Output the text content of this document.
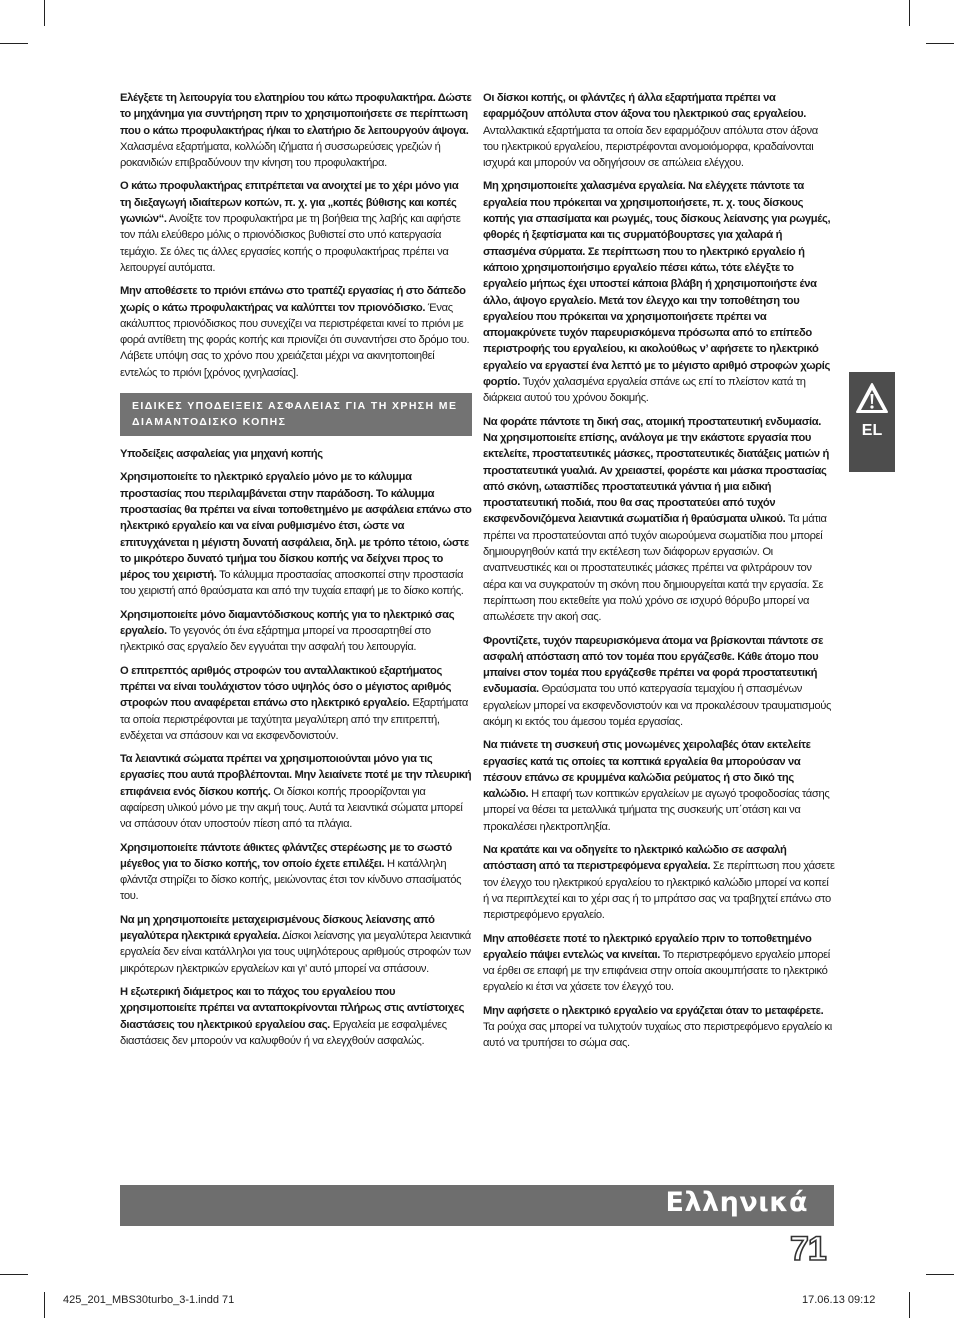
Ελέγξετε τη λειτουργία του ελατηρίου του κάτω προφυλακτήρα. Δώστε το μηχάνημα για συντήρηση πριν το χρησιμοποιήσετε σε περίπτωση που ο κάτω προφυλακτήρας ή/και το ελατήριο δε λειτουργούν άψογα. Χαλασμένα εξαρτήματα, κολλώδη ιζήματα ή συσσωρεύσεις γρεζιών ή ροκανιδιών επιβραδύνουν την κίνηση του προφυλακτήρα.

Ο κάτω προφυλακτήρας επιτρέπεται να ανοιχτεί με το χέρι μόνο για τη διεξαγωγή ιδιαίτερων κοπών, π. χ. για „κοπές βύθισης και κοπές γωνιών“. Ανοίξτε τον προφυλακτήρα με τη βοήθεια της λαβής και αφήστε τον πάλι ελεύθερο μόλις ο πριονόδισκος βυθιστεί στο υπό κατεργασία τεμάχιο. Σε όλες τις άλλες εργασίες κοπής ο προφυλακτήρας πρέπει να λειτουργεί αυτόματα.

Μην αποθέσετε το πριόνι επάνω στο τραπέζι εργασίας ή στο δάπεδο χωρίς ο κάτω προφυλακτήρας να καλύπτει τον πριονόδισκο. Ένας ακάλυπτος πριονόδισκος που συνεχίζει να περιστρέφεται κινεί το πριόνι με φορά αντίθετη της φοράς κοπής και πριονίζει ότι συναντήσει στο δρόμο του. Λάβετε υπόψη σας το χρόνο που χρειάζεται μέχρι να ακινητοποιηθεί εντελώς το πριόνι [χρόνος ιχνηλασίας].

ΕΙΔΙΚΕΣ ΥΠΟΔΕΙΞΕΙΣ ΑΣΦΑΛΕΙΑΣ ΓΙΑ ΤΗ ΧΡΗΣΗ ΜΕ ΔΙΑΜΑΝΤΟΔΙΣΚΟ ΚΟΠΗΣ

Υποδείξεις ασφαλείας για μηχανή κοπής

Χρησιμοποιείτε το ηλεκτρικό εργαλείο μόνο με το κάλυμμα προστασίας που περιλαμβάνεται στην παράδοση. Το κάλυμμα προστασίας θα πρέπει να είναι τοποθετημένο με ασφάλεια επάνω στο ηλεκτρικό εργαλείο και να είναι ρυθμισμένο έτσι, ώστε να επιτυγχάνεται η μέγιστη δυνατή ασφάλεια, δηλ. με τρόπο τέτοιο, ώστε το μικρότερο δυνατό τμήμα του δίσκου κοπής να δείχνει προς το μέρος του χειριστή. Το κάλυμμα προστασίας αποσκοπεί στην προστασία του χειριστή από θραύσματα και από την τυχαία επαφή με το δίσκο κοπής.

Χρησιμοποιείτε μόνο διαμαντόδισκους κοπής για το ηλεκτρικό σας εργαλείο. Το γεγονός ότι ένα εξάρτημα μπορεί να προσαρτηθεί στο ηλεκτρικό σας εργαλείο δεν εγγυάται την ασφαλή του λειτουργία.

Ο επιτρεπτός αριθμός στροφών του ανταλλακτικού εξαρτήματος πρέπει να είναι τουλάχιστον τόσο υψηλός όσο ο μέγιστος αριθμός στροφών που αναφέρεται επάνω στο ηλεκτρικό εργαλείο. Εξαρτήματα τα οποία περιστρέφονται με ταχύτητα μεγαλύτερη από την επιτρεπτή, ενδέχεται να σπάσουν και να εκσφενδονιστούν.

Τα λειαντικά σώματα πρέπει να χρησιμοποιούνται μόνο για τις εργασίες που αυτά προβλέπονται. Μην λειαίνετε ποτέ με την πλευρική επιφάνεια ενός δίσκου κοπής. Οι δίσκοι κοπής προορίζονται για αφαίρεση υλικού μόνο με την ακμή τους. Αυτά τα λειαντικά σώματα μπορεί να σπάσουν όταν υποστούν πίεση από τα πλάγια.

Χρησιμοποιείτε πάντοτε άθικτες φλάντζες στερέωσης με το σωστό μέγεθος για το δίσκο κοπής, τον οποίο έχετε επιλέξει. Η κατάλληλη φλάντζα στηρίζει το δίσκο κοπής, μειώνοντας έτσι τον κίνδυνο σπασίματός του.

Να μη χρησιμοποιείτε μεταχειρισμένους δίσκους λείανσης από μεγαλύτερα ηλεκτρικά εργαλεία. Δίσκοι λείανσης για μεγαλύτερα λειαντικά εργαλεία δεν είναι κατάλληλοι για τους υψηλότερους αριθμούς στροφών των μικρότερων ηλεκτρικών εργαλείων και γι’ αυτό μπορεί να σπάσουν.

Η εξωτερική διάμετρος και το πάχος του εργαλείου που χρησιμοποιείτε πρέπει να ανταποκρίνονται πλήρως στις αντίστοιχες διαστάσεις του ηλεκτρικού εργαλείου σας. Εργαλεία με εσφαλμένες διαστάσεις δεν μπορούν να καλυφθούν ή να ελεγχθούν ασφαλώς.

Οι δίσκοι κοπής, οι φλάντζες ή άλλα εξαρτήματα πρέπει να εφαρμόζουν απόλυτα στον άξονα του ηλεκτρικού σας εργαλείου. Ανταλλακτικά εξαρτήματα τα οποία δεν εφαρμόζουν απόλυτα στον άξονα του ηλεκτρικού εργαλείου, περιστρέφονται ανομοιόμορφα, κραδαίνονται ισχυρά και μπορούν να οδηγήσουν σε απώλεια ελέγχου.

Μη χρησιμοποιείτε χαλασμένα εργαλεία. Να ελέγχετε πάντοτε τα εργαλεία που πρόκειται να χρησιμοποιήσετε, π. χ. τους δίσκους κοπής για σπασίματα και ρωγμές, τους δίσκους λείανσης για ρωγμές, φθορές ή ξεφτίσματα και τις συρματόβουρτσες για χαλαρά ή σπασμένα σύρματα. Σε περίπτωση που το ηλεκτρικό εργαλείο ή κάποιο χρησιμοποιήσιμο εργαλείο πέσει κάτω, τότε ελέγξτε το εργαλείο μήπως έχει υποστεί κάποια βλάβη ή χρησιμοποιήστε ένα άλλο, άψογο εργαλείο. Μετά τον έλεγχο και την τοποθέτηση του εργαλείου που πρόκειται να χρησιμοποιήσετε πρέπει να απομακρύνετε τυχόν παρευρισκόμενα πρόσωπα από το επίπεδο περιστροφής του εργαλείου, κι ακολούθως ν’ αφήσετε το ηλεκτρικό εργαλείο να εργαστεί ένα λεπτό με το μέγιστο αριθμό στροφών χωρίς φορτίο. Τυχόν χαλασμένα εργαλεία σπάνε ως επί το πλείστον κατά τη διάρκεια αυτού του χρόνου δοκιμής.

Να φοράτε πάντοτε τη δική σας, ατομική προστατευτική ενδυμασία. Να χρησιμοποιείτε επίσης, ανάλογα με την εκάστοτε εργασία που εκτελείτε, προστατευτικές μάσκες, προστατευτικές διατάξεις ματιών ή προστατευτικά γυαλιά. Αν χρειαστεί, φορέστε και μάσκα προστασίας από σκόνη, ωτασπίδες προστατευτικά γάντια ή μια ειδική προστατευτική ποδιά, που θα σας προστατεύει από τυχόν εκσφενδονιζόμενα λειαντικά σωματίδια ή θραύσματα υλικού. Τα μάτια πρέπει να προστατεύονται από τυχόν αιωρούμενα σωματίδια που μπορεί δημιουργηθούν κατά την εκτέλεση των διάφορων εργασιών. Οι αναπνευστικές και οι προστατευτικές μάσκες πρέπει να φιλτράρουν τον αέρα και να συγκρατούν τη σκόνη που δημιουργείται κατά την εργασία. Σε περίπτωση που εκτεθείτε για πολύ χρόνο σε ισχυρό θόρυβο μπορεί να απωλέσετε την ακοή σας.

Φροντίζετε, τυχόν παρευρισκόμενα άτομα να βρίσκονται πάντοτε σε ασφαλή απόσταση από τον τομέα που εργάζεσθε. Κάθε άτομο που μπαίνει στον τομέα που εργάζεσθε πρέπει να φορά προστατευτική ενδυμασία. Θραύσματα του υπό κατεργασία τεμαχίου ή σπασμένων εργαλείων μπορεί να εκσφενδονιστούν και να προκαλέσουν τραυματισμούς ακόμη κι εκτός του άμεσου τομέα εργασίας.

Να πιάνετε τη συσκευή στις μονωμένες χειρολαβές όταν εκτελείτε εργασίες κατά τις οποίες τα κοπτικά εργαλεία θα μπορούσαν να πέσουν επάνω σε κρυμμένα καλώδια ρεύματος ή στο δικό της καλώδιο. Η επαφή των κοπτικών εργαλείων με αγωγό τροφοδοσίας τάσης μπορεί να θέσει τα μεταλλικά τμήματα της συσκευής υπ΄οτάση και να προκαλέσει ηλεκτροπληξία.

Να κρατάτε και να οδηγείτε το ηλεκτρικό καλώδιο σε ασφαλή απόσταση από τα περιστρεφόμενα εργαλεία. Σε περίπτωση που χάσετε τον έλεγχο του ηλεκτρικού εργαλείου το ηλεκτρικό καλώδιο μπορεί να κοπεί ή να περιπλεχτεί και το χέρι σας ή το μπράτσο σας να τραβηχτεί επάνω στο περιστρεφόμενο εργαλείο.

Μην αποθέσετε ποτέ το ηλεκτρικό εργαλείο πριν το τοποθετημένο εργαλείο πάψει εντελώς να κινείται. Το περιστρεφόμενο εργαλείο μπορεί να έρθει σε επαφή με την επιφάνεια στην οποία ακουμπήσατε το ηλεκτρικό εργαλείο κι έτσι να χάσετε τον έλεγχό του.

Μην αφήσετε ο ηλεκτρικό εργαλείο να εργάζεται όταν το μεταφέρετε. Τα ρούχα σας μπορεί να τυλιχτούν τυχαίως στο περιστρεφόμενο εργαλείο κι αυτό να τρυπήσει το σώμα σας.

EL
Ελληνικά
71
425_201_MBS30turbo_3-1.indd 71	17.06.13 09:12
